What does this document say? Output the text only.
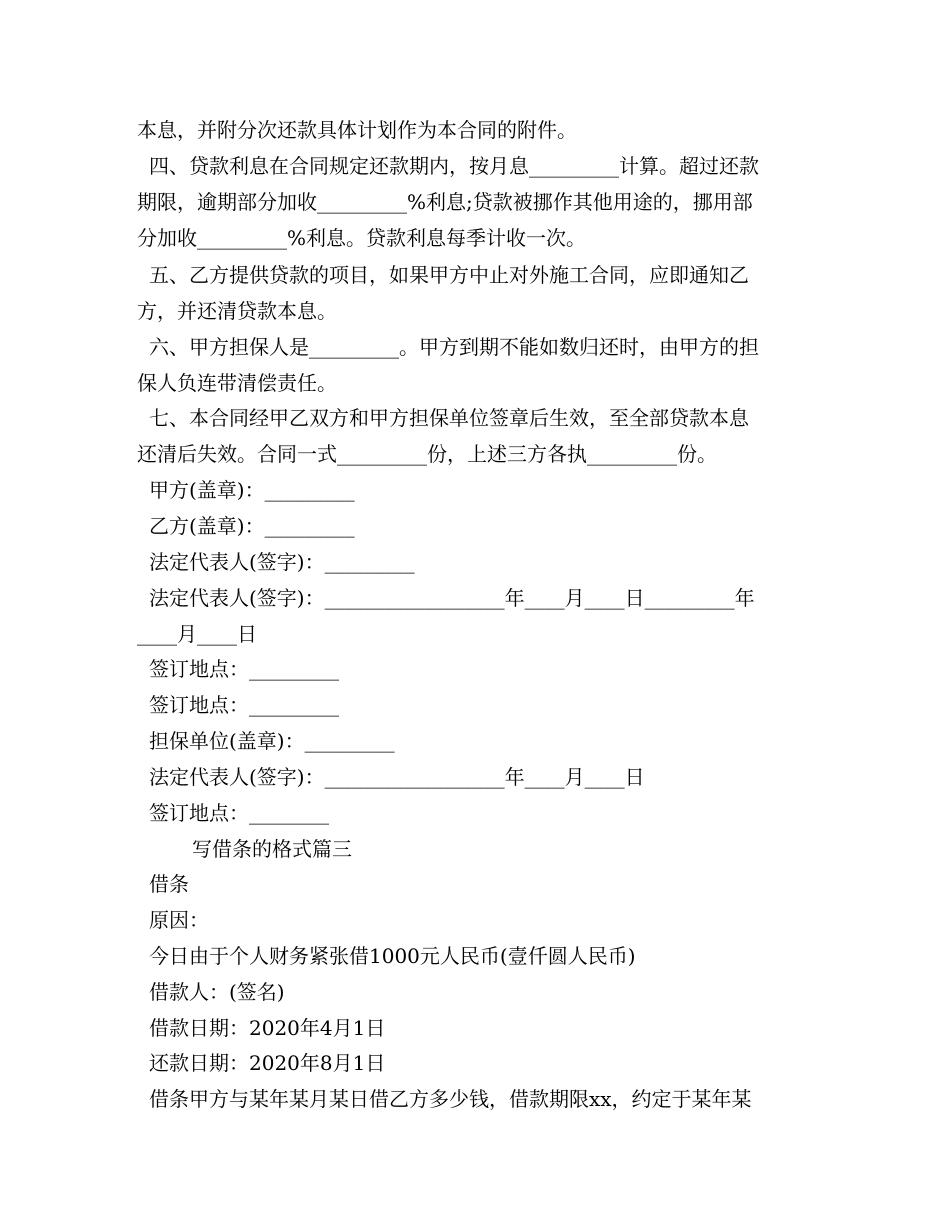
本息，并附分次还款具体计划作为本合同的附件。
四、贷款利息在合同规定还款期内，按月息_________计算。超过还款
期限，逾期部分加收_________%利息;贷款被挪作其他用途的，挪用部
分加收_________%利息。贷款利息每季计收一次。
五、乙方提供贷款的项目，如果甲方中止对外施工合同，应即通知乙
方，并还清贷款本息。
六、甲方担保人是_________。甲方到期不能如数归还时，由甲方的担
保人负连带清偿责任。
七、本合同经甲乙双方和甲方担保单位签章后生效，至全部贷款本息
还清后失效。合同一式_________份，上述三方各执_________份。
甲方(盖章)：_________
乙方(盖章)：_________
法定代表人(签字)：_________
法定代表人(签字)：__________________年____月____日_________年
____月____日
签订地点：_________
签订地点：_________
担保单位(盖章)：_________
法定代表人(签字)：__________________年____月____日
签订地点：________
写借条的格式篇三
借条
原因：
今日由于个人财务紧张借1000元人民币(壹仟圆人民币)
借款人：(签名)
借款日期：2020年4月1日
还款日期：2020年8月1日
借条甲方与某年某月某日借乙方多少钱，借款期限xx，约定于某年某
